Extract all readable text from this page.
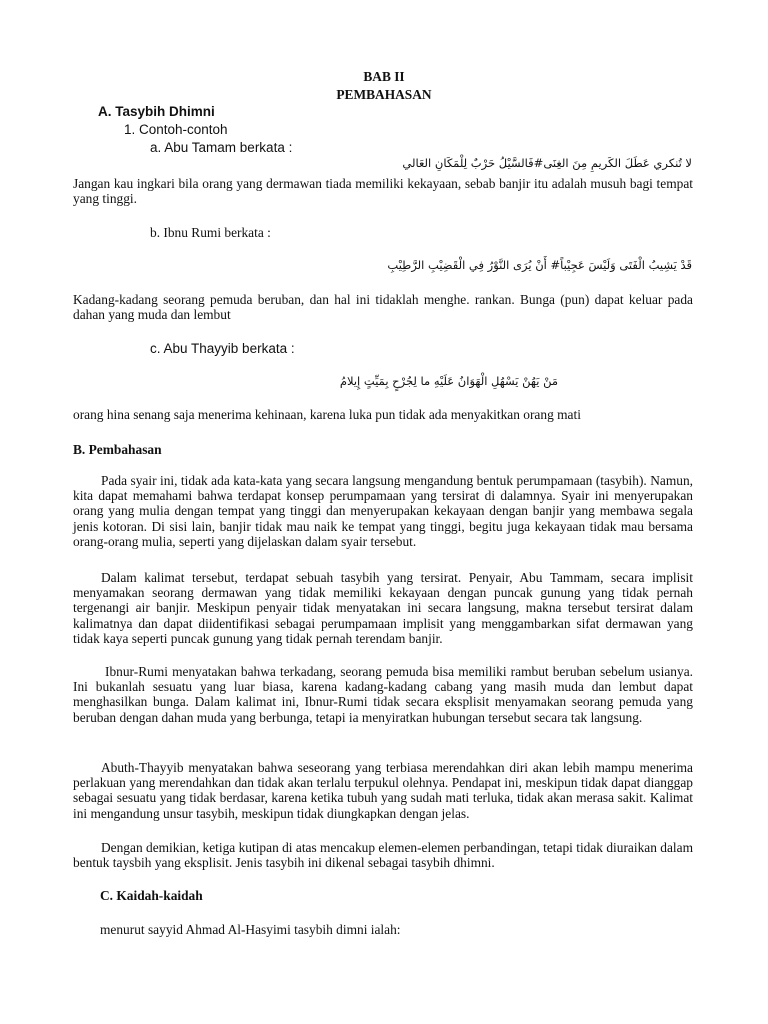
BAB II
PEMBAHASAN
A. Tasybih Dhimni
1. Contoh-contoh
a. Abu Tamam berkata :
لا تُنكري عَطَلَ الكَريمِ مِنَ الغِنَى#فَالسَّيْلُ حَرْبٌ لِلْمَكَانِ العَالي
Jangan kau ingkari bila orang yang dermawan tiada memiliki kekayaan, sebab banjir itu adalah musuh bagi tempat yang tinggi.
b. Ibnu Rumi berkata :
قَدْ يَشِيبُ الْفَتَى وَلَيْسَ عَجِيْباً# أَنْ يُرَى النَّوْرُ فِي الْقَضِيْبِ الرَّطِيْبِ
Kadang-kadang seorang pemuda beruban, dan hal ini tidaklah menghe. rankan. Bunga (pun) dapat keluar pada dahan yang muda dan lembut
c. Abu Thayyib berkata :
مَنْ يَهُنْ يَسْهُلِ الْهَوَانُ عَلَيْهِ ما لِجُرْحٍ بِمَيِّتٍ إِيلامُ
orang hina senang saja menerima kehinaan, karena luka pun tidak ada menyakitkan orang mati
B. Pembahasan
Pada syair ini, tidak ada kata-kata yang secara langsung mengandung bentuk perumpamaan (tasybih). Namun, kita dapat memahami bahwa terdapat konsep perumpamaan yang tersirat di dalamnya. Syair ini menyerupakan orang yang mulia dengan tempat yang tinggi dan menyerupakan kekayaan dengan banjir yang membawa segala jenis kotoran. Di sisi lain, banjir tidak mau naik ke tempat yang tinggi, begitu juga kekayaan tidak mau bersama orang-orang mulia, seperti yang dijelaskan dalam syair tersebut.
Dalam kalimat tersebut, terdapat sebuah tasybih yang tersirat. Penyair, Abu Tammam, secara implisit menyamakan seorang dermawan yang tidak memiliki kekayaan dengan puncak gunung yang tidak pernah tergenangi air banjir. Meskipun penyair tidak menyatakan ini secara langsung, makna tersebut tersirat dalam kalimatnya dan dapat diidentifikasi sebagai perumpamaan implisit yang menggambarkan sifat dermawan yang tidak kaya seperti puncak gunung yang tidak pernah terendam banjir.
Ibnur-Rumi menyatakan bahwa terkadang, seorang pemuda bisa memiliki rambut beruban sebelum usianya. Ini bukanlah sesuatu yang luar biasa, karena kadang-kadang cabang yang masih muda dan lembut dapat menghasilkan bunga. Dalam kalimat ini, Ibnur-Rumi tidak secara eksplisit menyamakan seorang pemuda yang beruban dengan dahan muda yang berbunga, tetapi ia menyiratkan hubungan tersebut secara tak langsung.
Abuth-Thayyib menyatakan bahwa seseorang yang terbiasa merendahkan diri akan lebih mampu menerima perlakuan yang merendahkan dan tidak akan terlalu terpukul olehnya. Pendapat ini, meskipun tidak dapat dianggap sebagai sesuatu yang tidak berdasar, karena ketika tubuh yang sudah mati terluka, tidak akan merasa sakit. Kalimat ini mengandung unsur tasybih, meskipun tidak diungkapkan dengan jelas.
Dengan demikian, ketiga kutipan di atas mencakup elemen-elemen perbandingan, tetapi tidak diuraikan dalam bentuk taysbih yang eksplisit. Jenis tasybih ini dikenal sebagai tasybih dhimni.
C. Kaidah-kaidah
menurut sayyid Ahmad Al-Hasyimi tasybih dimni ialah:
